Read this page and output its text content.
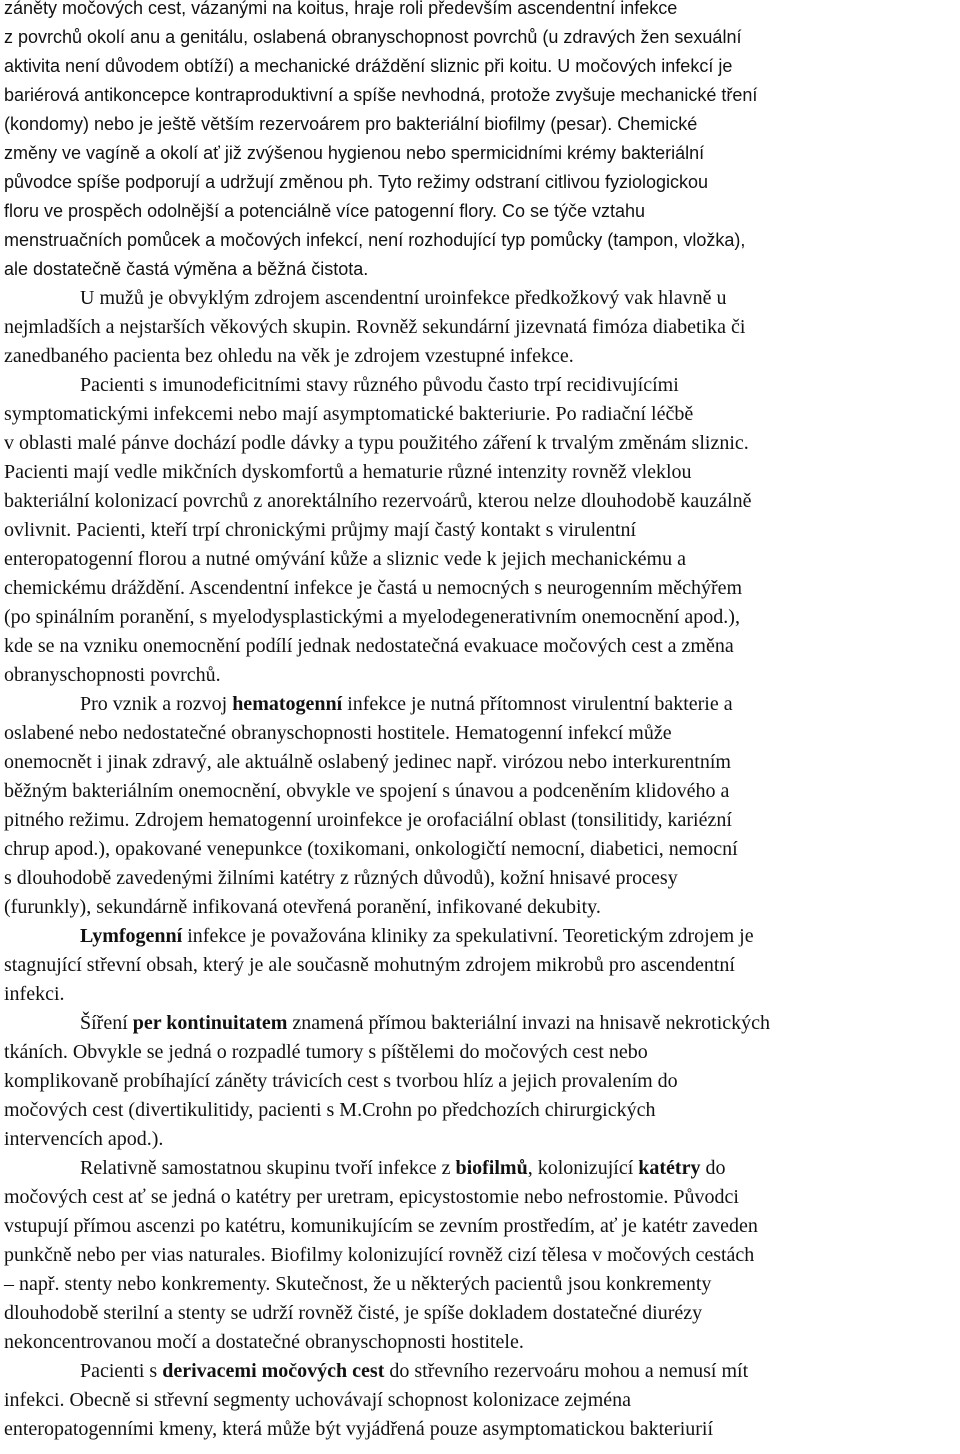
záněty močových cest, vázanými na koitus, hraje roli především ascendentní infekce
z povrchů okolí anu a genitálu, oslabená obranyschopnost povrchů (u zdravých žen sexuální
aktivita není důvodem obtíží) a mechanické dráždění sliznic při koitu. U močových infekcí je
bariérová antikoncepce kontraproduktivní a spíše nevhodná, protože zvyšuje mechanické tření
(kondomy) nebo je ještě větším rezervoárem pro bakteriální biofilmy (pesar). Chemické
změny ve vagíně a okolí ať již zvýšenou hygienou nebo spermicidními krémy bakteriální
původce spíše podporují a udržují změnou ph. Tyto režimy odstraní citlivou fyziologickou
floru ve prospěch odolnější a potenciálně více patogenní flory. Co se týče vztahu
menstruačních pomůcek a močových infekcí, není rozhodující typ pomůcky (tampon, vložka),
ale dostatečně častá výměna a běžná čistota.
U mužů je obvyklým zdrojem ascendentní uroinfekce předkožkový vak hlavně u
nejmladších a nejstarších věkových skupin. Rovněž sekundární jizevnatá fimóza diabetika či
zanedbaného pacienta bez ohledu na věk je zdrojem vzestupné infekce.
Pacienti s imunodeficitními stavy různého původu často trpí recidivujícími
symptomatickými infekcemi nebo mají asymptomatické bakteriurie. Po radiační léčbě
v oblasti malé pánve dochází podle dávky a typu použitého záření k trvalým změnám sliznic.
Pacienti mají vedle mikčních dyskomfortů a hematurie různé intenzity rovněž vleklou
bakteriální kolonizací povrchů z anorektálního rezervoárů, kterou nelze dlouhodobě kauzálně
ovlivnit. Pacienti, kteří trpí chronickými průjmy mají častý kontakt s virulentní
enteropatogenní florou a nutné omývání kůže a sliznic vede k jejich mechanickému a
chemickému dráždění. Ascendentní infekce je častá u nemocných s neurogenním měchýřem
(po spinálním poranění, s myelodysplastickými a myelodegenerativním onemocnění apod.),
kde se na vzniku onemocnění podílí jednak nedostatečná evakuace močových cest a změna
obranyschopnosti povrchů.
Pro vznik a rozvoj hematogenní infekce je nutná přítomnost virulentní bakterie a
oslabené nebo nedostatečné obranyschopnosti hostitele. Hematogenní infekcí může
onemocnět i jinak zdravý, ale aktuálně oslabený jedinec např. virózou nebo interkurentním
běžným bakteriálním onemocnění, obvykle ve spojení s únavou a podceněním klidového a
pitného režimu. Zdrojem hematogenní uroinfekce je orofaciální oblast (tonsilitidy, kariézní
chrup apod.), opakované venepunkce (toxikomani, onkologičtí nemocní, diabetici, nemocní
s dlouhodobě zavedenými žilními katétry z různých důvodů), kožní hnisavé procesy
(furunkly), sekundárně infikovaná otevřená poranění, infikované dekubity.
Lymfogenní infekce je považována kliniky za spekulativní. Teoretickým zdrojem je
stagnující střevní obsah, který je ale současně mohutným zdrojem mikrobů pro ascendentní
infekci.
Šíření per kontinuitatem znamená přímou bakteriální invazi na hnisavě nekrotických
tkáních. Obvykle se jedná o rozpadlé tumory s píštělemi do močových cest nebo
komplikovaně probíhající záněty trávicích cest s tvorbou hlíz a jejich provalením do
močových cest (divertikulitidy, pacienti s M.Crohn po předchozích chirurgických
intervencích apod.).
Relativně samostatnou skupinu tvoří infekce z biofilmů, kolonizující katétry do
močových cest ať se jedná o katétry per uretram, epicystostomie nebo nefrostomie. Původci
vstupují přímou ascenzi po katétru, komunikujícím se zevním prostředím, ať je katétr zaveden
punkčně nebo per vias naturales. Biofilmy kolonizující rovněž cizí tělesa v močových cestách
– např. stenty nebo konkrementy. Skutečnost, že u některých pacientů jsou konkrementy
dlouhodobě sterilní a stenty se udrží rovněž čisté, je spíše dokladem dostatečné diurézy
nekoncentrovanou močí a dostatečné obranyschopnosti hostitele.
Pacienti s derivacemi močových cest do střevního rezervoáru mohou a nemusí mít
infekci. Obecně si střevní segmenty uchovávají schopnost kolonizace zejména
enteropatogenními kmeny, která může být vyjádřená pouze asymptomatickou bakteriurií
